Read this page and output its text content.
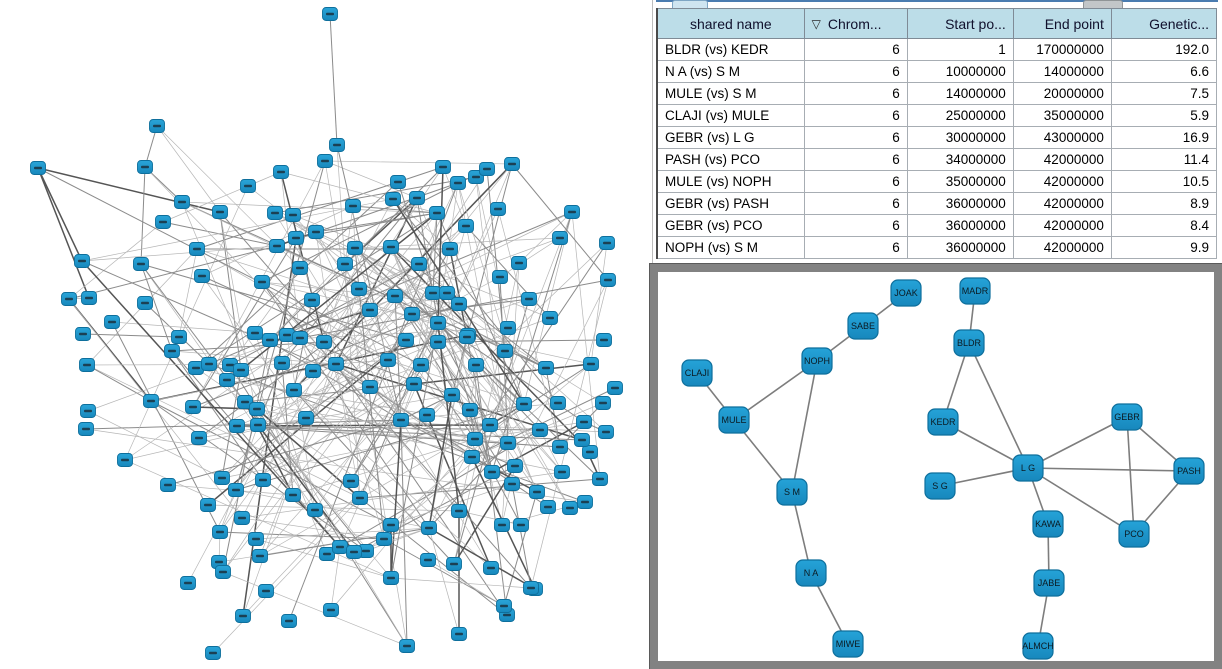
shared name	▽ Chrom...	Start po...	End point	Genetic...
BLDR (vs) KEDR	6	1	170000000	192.0
N A (vs) S M	6	10000000	14000000	6.6
MULE (vs) S M	6	14000000	20000000	7.5
CLAJI (vs) MULE	6	25000000	35000000	5.9
GEBR (vs) L G	6	30000000	43000000	16.9
PASH (vs) PCO	6	34000000	42000000	11.4
MULE (vs) NOPH	6	35000000	42000000	10.5
GEBR (vs) PASH	6	36000000	42000000	8.9
GEBR (vs) PCO	6	36000000	42000000	8.4
NOPH (vs) S M	6	36000000	42000000	9.9
JOAK
SABE
NOPH
CLAJI
MULE
S M
N A
MIWE
MADR
BLDR
KEDR
S G
L G
GEBR
PASH
KAWA
PCO
JABE
ALMCH
